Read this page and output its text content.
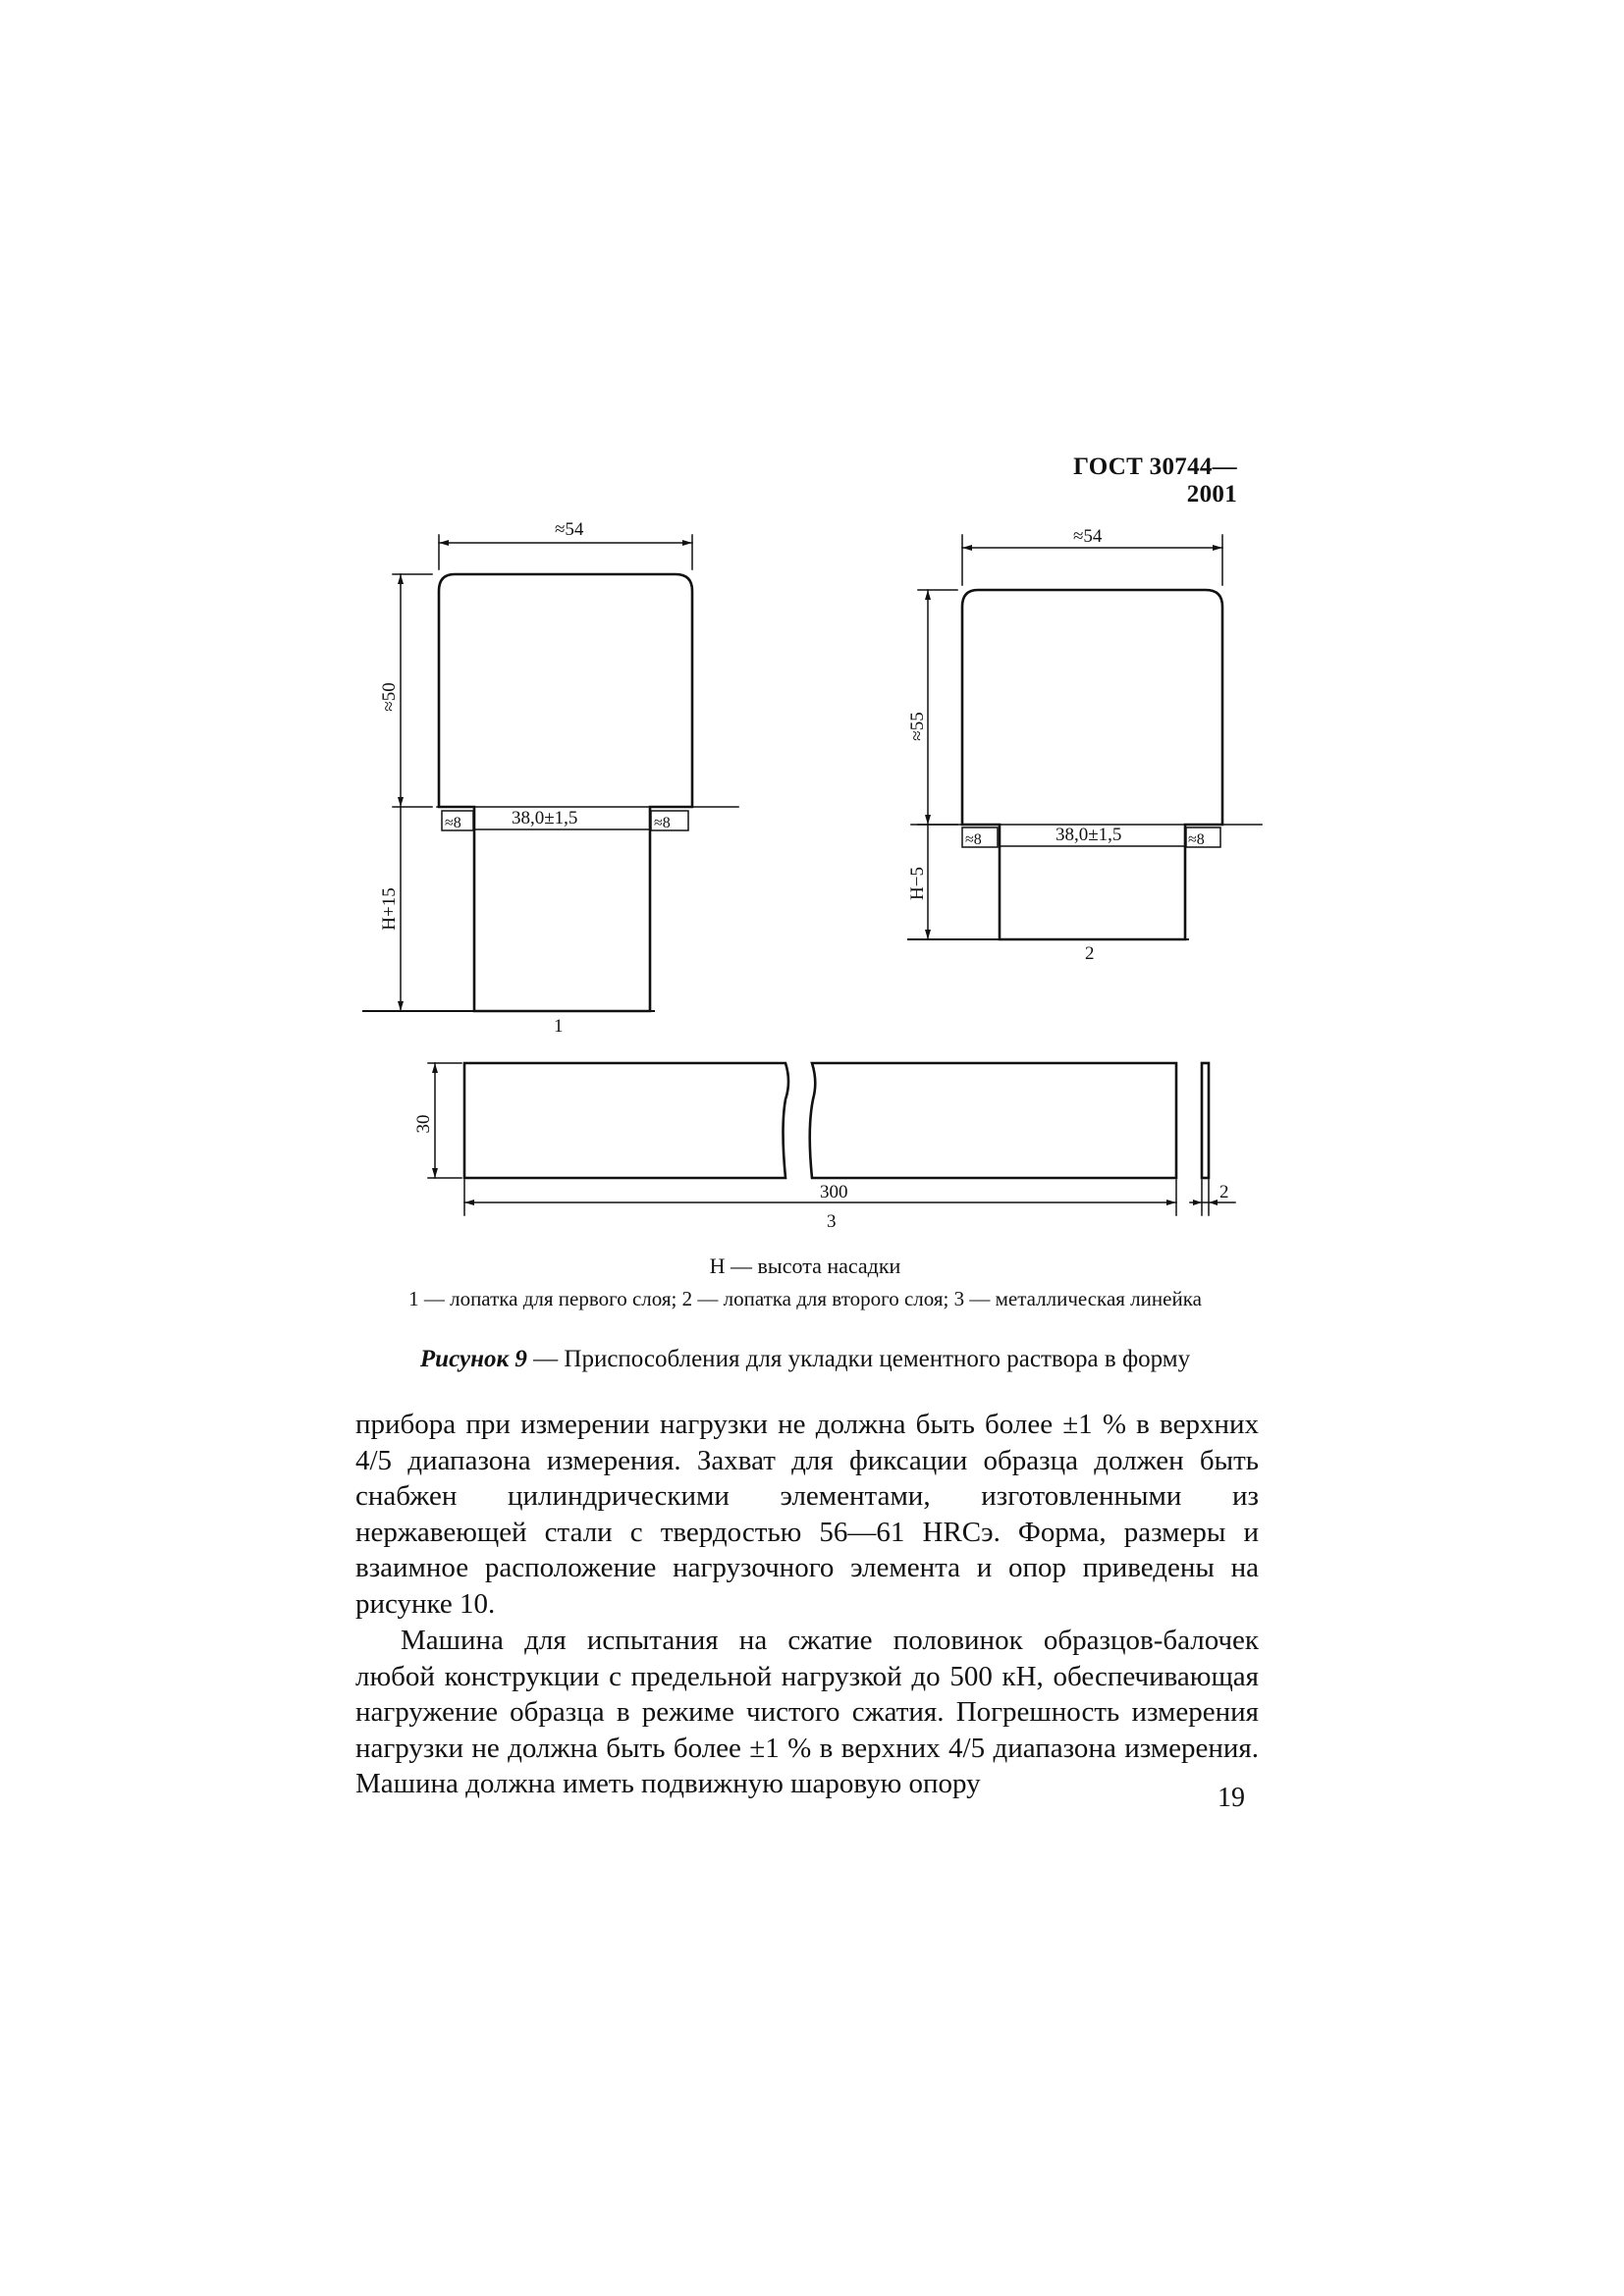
ГОСТ 30744—2001
≈54
≈50
≈8	≈8
38,0±1,5
H+15
1
≈54
≈55
≈8	≈8
38,0±1,5
H−5
2
30
300	2
3
H — высота насадки
1 — лопатка для первого слоя; 2 — лопатка для второго слоя; 3 — металлическая линейка
Рисунок 9 — Приспособления для укладки цементного раствора в форму

прибора при измерении нагрузки не должна быть более ±1 % в верхних 4/5 диапазона измерения. Захват для фиксации образца должен быть снабжен цилиндрическими элементами, изготовленными из нержавеющей стали с твердостью 56—61 HRCэ. Форма, размеры и взаимное расположение нагрузочного элемента и опор приведены на рисунке 10.

Машина для испытания на сжатие половинок образцов-балочек любой конструкции с предельной нагрузкой до 500 кН, обеспечивающая нагружение образца в режиме чистого сжатия. Погрешность измерения нагрузки не должна быть более ±1 % в верхних 4/5 диапазона измерения. Машина должна иметь подвижную шаровую опору	19
